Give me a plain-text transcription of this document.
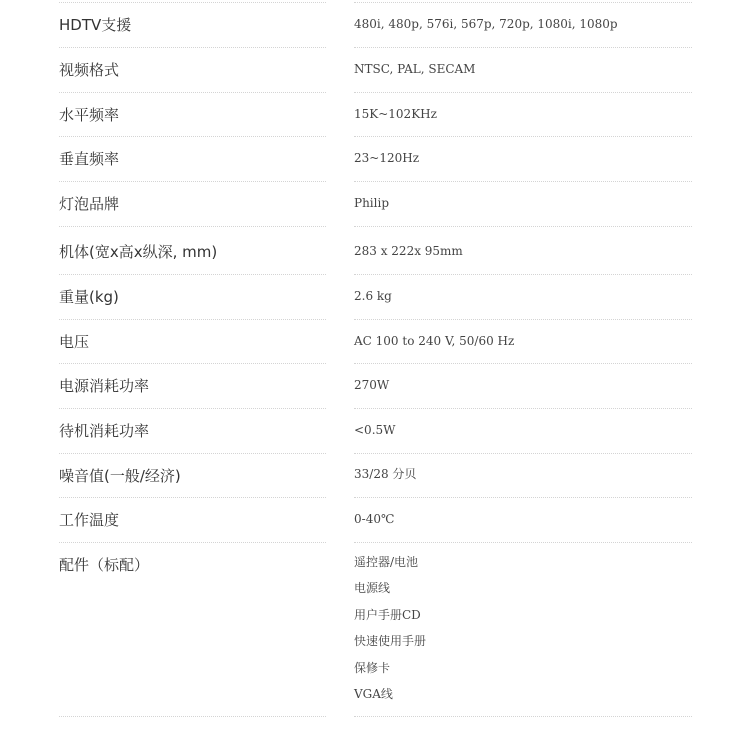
HDTV支援	480i, 480p, 576i, 567p, 720p, 1080i, 1080p
视频格式	NTSC, PAL, SECAM
水平频率	15K~102KHz
垂直频率	23~120Hz
灯泡品牌	Philip
机体(宽x高x纵深, mm)	283 x 222x 95mm
重量(kg)	2.6 kg
电压	AC 100 to 240 V, 50/60 Hz
电源消耗功率	270W
待机消耗功率	<0.5W
噪音值(一般/经济)	33/28 分贝
工作温度	0-40℃
配件（标配）	遥控器/电池
电源线
用户手册CD
快速使用手册
保修卡
VGA线
